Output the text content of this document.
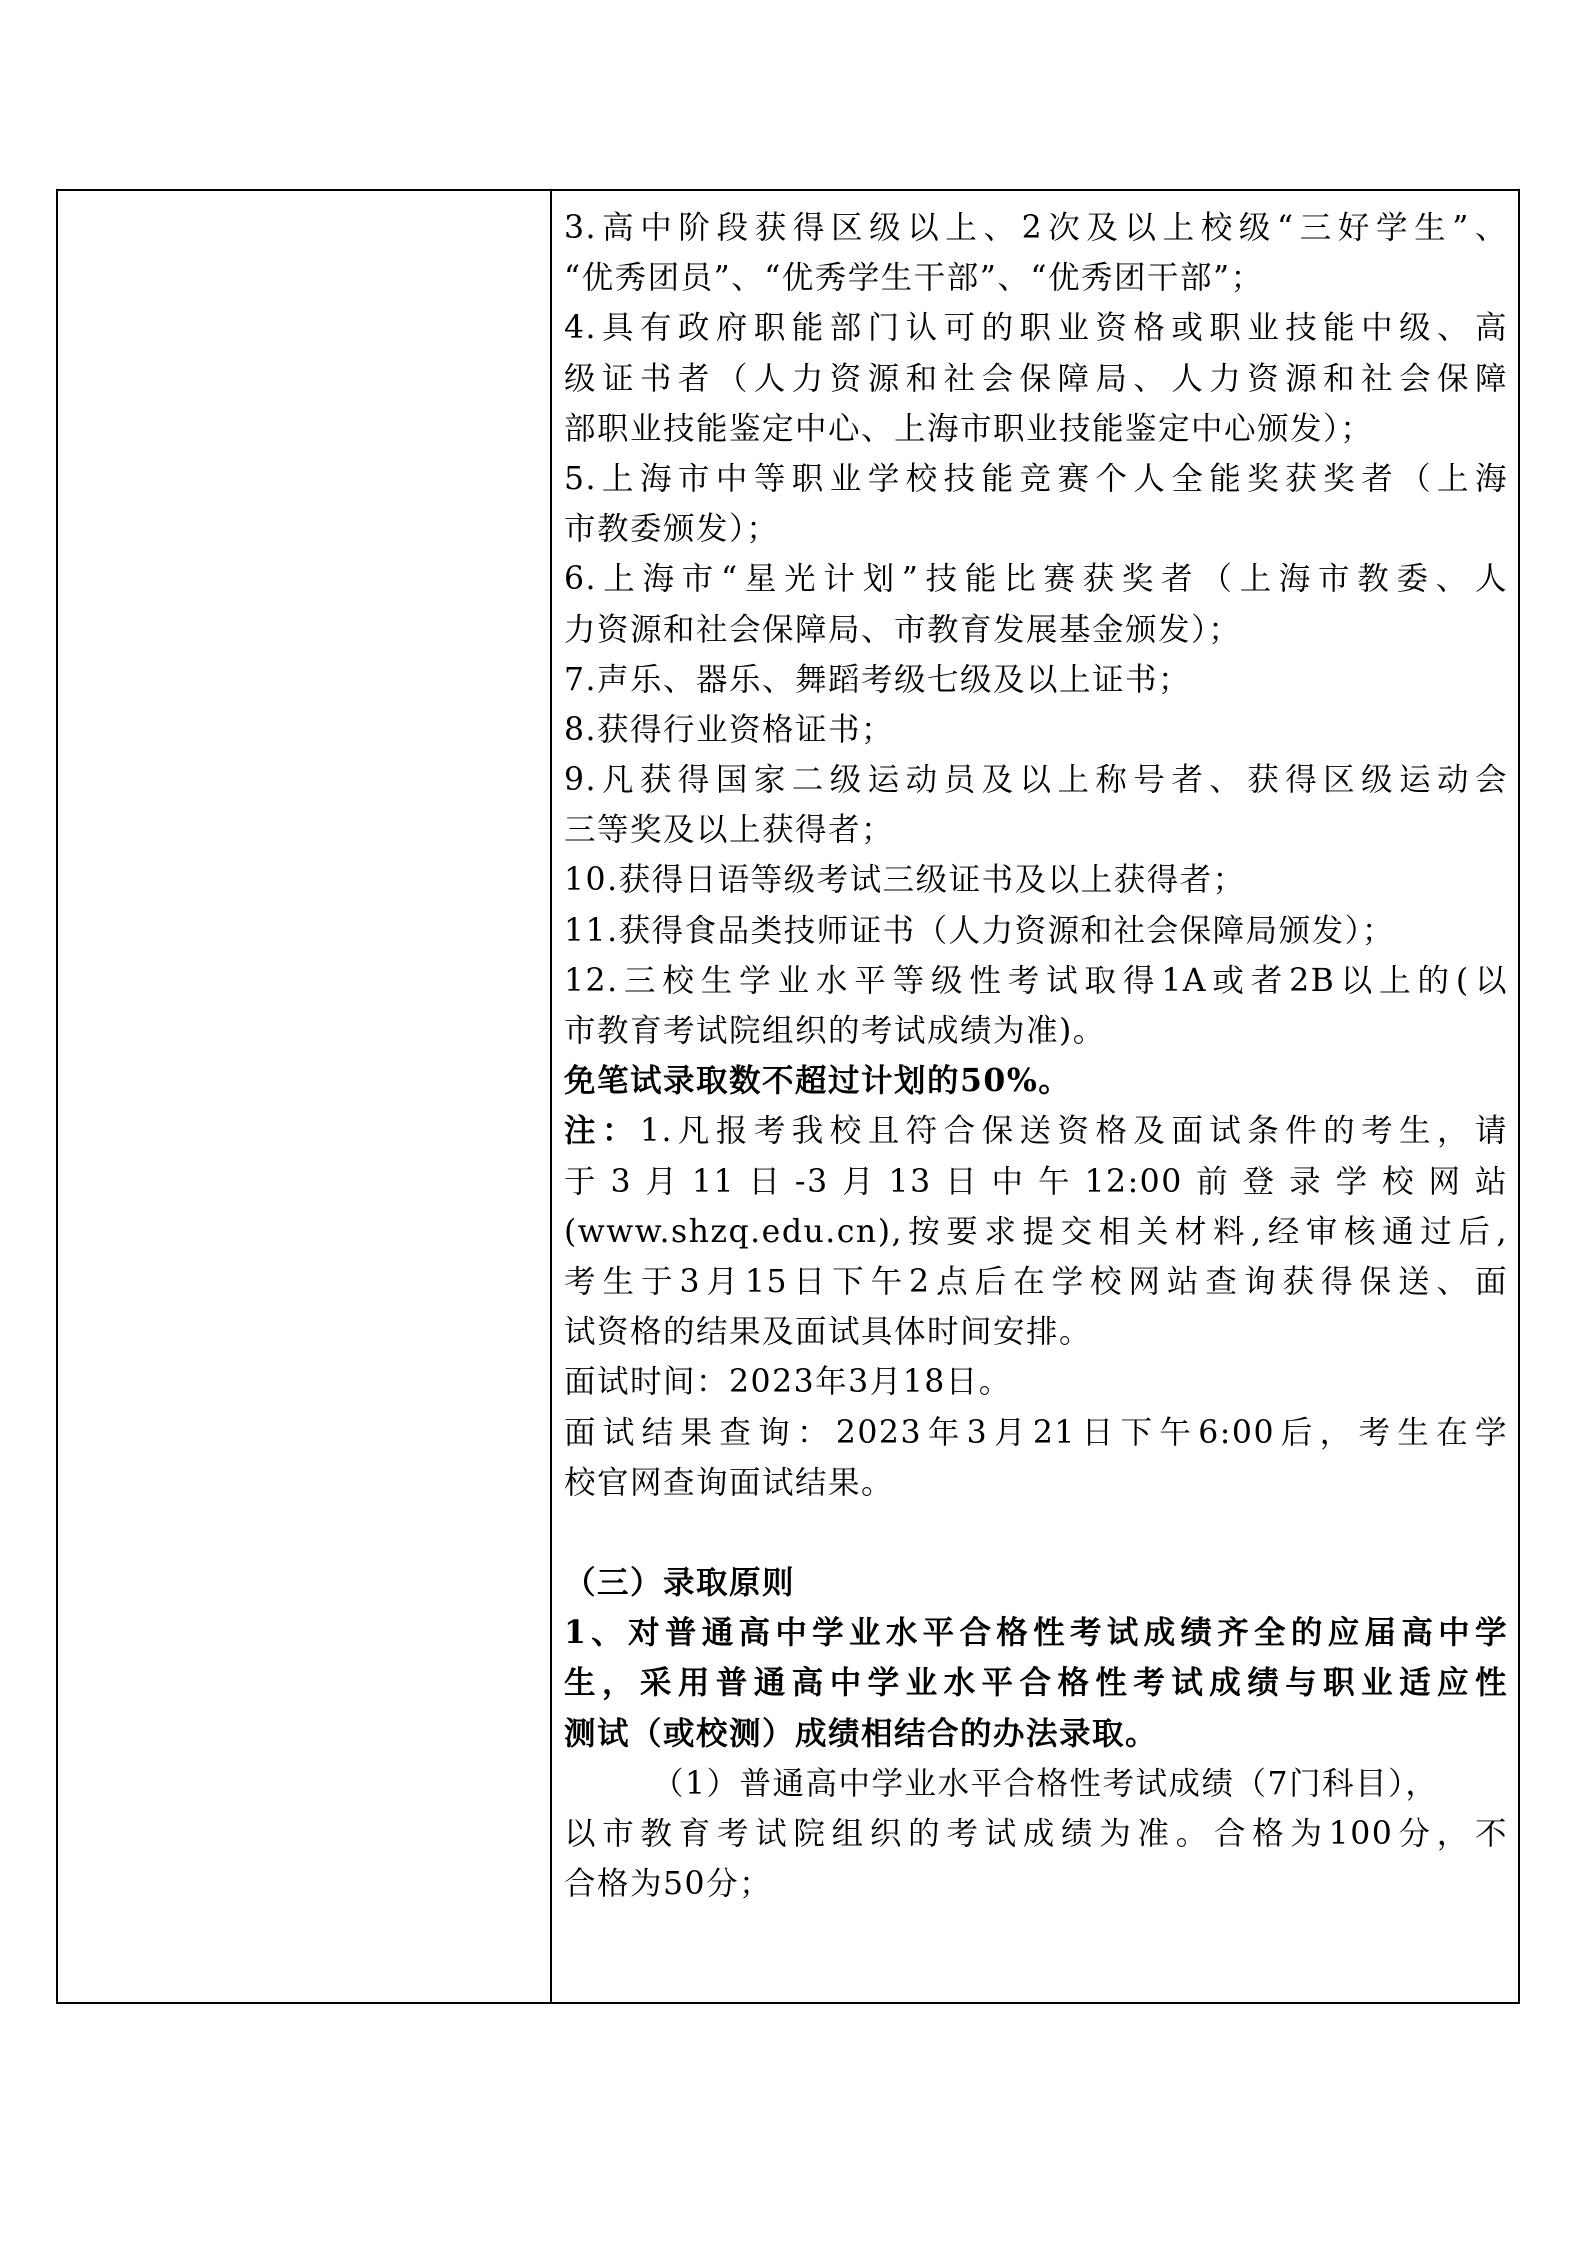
3.高中阶段获得区级以上、2次及以上校级“三好学生”、
“优秀团员”、“优秀学生干部”、“优秀团干部”；
4.具有政府职能部门认可的职业资格或职业技能中级、高
级证书者（人力资源和社会保障局、人力资源和社会保障
部职业技能鉴定中心、上海市职业技能鉴定中心颁发）；
5.上海市中等职业学校技能竞赛个人全能奖获奖者（上海
市教委颁发）；
6.上海市“星光计划”技能比赛获奖者（上海市教委、人
力资源和社会保障局、市教育发展基金颁发）；
7.声乐、器乐、舞蹈考级七级及以上证书；
8.获得行业资格证书；
9.凡获得国家二级运动员及以上称号者、获得区级运动会
三等奖及以上获得者；
10.获得日语等级考试三级证书及以上获得者；
11.获得食品类技师证书（人力资源和社会保障局颁发）；
12.三校生学业水平等级性考试取得1A或者2B以上的(以
市教育考试院组织的考试成绩为准)。
免笔试录取数不超过计划的50%。
注：1.凡报考我校且符合保送资格及面试条件的考生，请
于3月11日-3月13日中午12:00前登录学校网站
(www.shzq.edu.cn),按要求提交相关材料,经审核通过后,
考生于3月15日下午2点后在学校网站查询获得保送、面
试资格的结果及面试具体时间安排。
面试时间：2023年3月18日。
面试结果查询：2023年3月21日下午6:00后，考生在学
校官网查询面试结果。
（三）录取原则
1、对普通高中学业水平合格性考试成绩齐全的应届高中学
生，采用普通高中学业水平合格性考试成绩与职业适应性
测试（或校测）成绩相结合的办法录取。
（1）普通高中学业水平合格性考试成绩（7门科目），
以市教育考试院组织的考试成绩为准。合格为100分，不
合格为50分；
